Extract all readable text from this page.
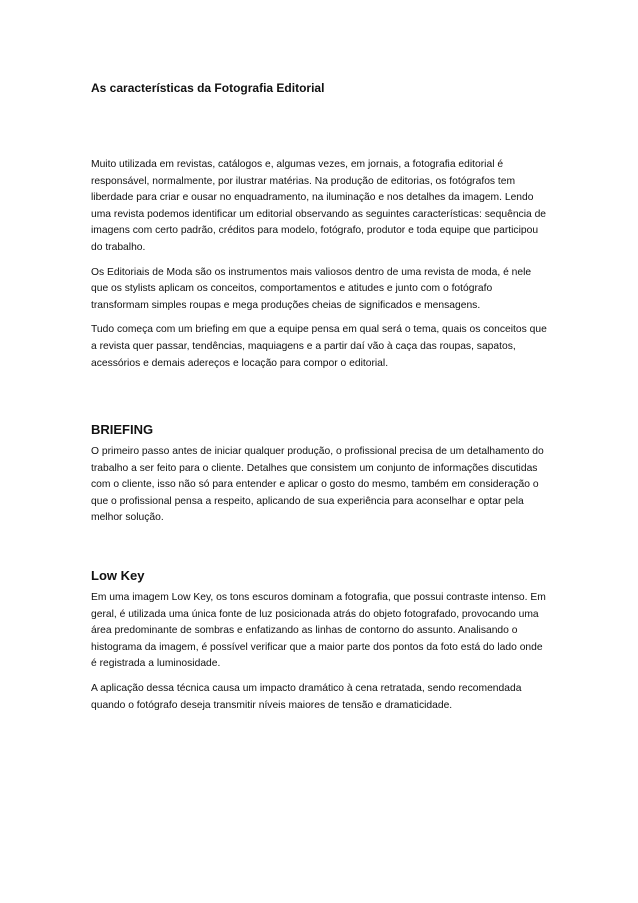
As características da Fotografia Editorial

Muito utilizada em revistas, catálogos e, algumas vezes, em jornais, a fotografia editorial é responsável, normalmente, por ilustrar matérias. Na produção de editorias, os fotógrafos tem liberdade para criar e ousar no enquadramento, na iluminação e nos detalhes da imagem. Lendo uma revista podemos identificar um editorial observando as seguintes características: sequência de imagens com certo padrão, créditos para modelo, fotógrafo, produtor e toda equipe que participou do trabalho.

Os Editoriais de Moda são os instrumentos mais valiosos dentro de uma revista de moda, é nele que os stylists aplicam os conceitos, comportamentos e atitudes e junto com o fotógrafo transformam simples roupas e mega produções cheias de significados e mensagens.

Tudo começa com um briefing em que a equipe pensa em qual será o tema, quais os conceitos que a revista quer passar, tendências, maquiagens e a partir daí vão à caça das roupas, sapatos, acessórios e demais adereços e locação para compor o editorial.

BRIEFING

O primeiro passo antes de iniciar qualquer produção, o profissional precisa de um detalhamento do trabalho a ser feito para o cliente. Detalhes que consistem um conjunto de informações discutidas com o cliente, isso não só para entender e aplicar o gosto do mesmo, também em consideração o que o profissional pensa a respeito, aplicando de sua experiência para aconselhar e optar pela melhor solução.

Low Key

Em uma imagem Low Key, os tons escuros dominam a fotografia, que possui contraste intenso. Em geral, é utilizada uma única fonte de luz posicionada atrás do objeto fotografado, provocando uma área predominante de sombras e enfatizando as linhas de contorno do assunto. Analisando o histograma da imagem, é possível verificar que a maior parte dos pontos da foto está do lado onde é registrada a luminosidade.

A aplicação dessa técnica causa um impacto dramático à cena retratada, sendo recomendada quando o fotógrafo deseja transmitir níveis maiores de tensão e dramaticidade.
